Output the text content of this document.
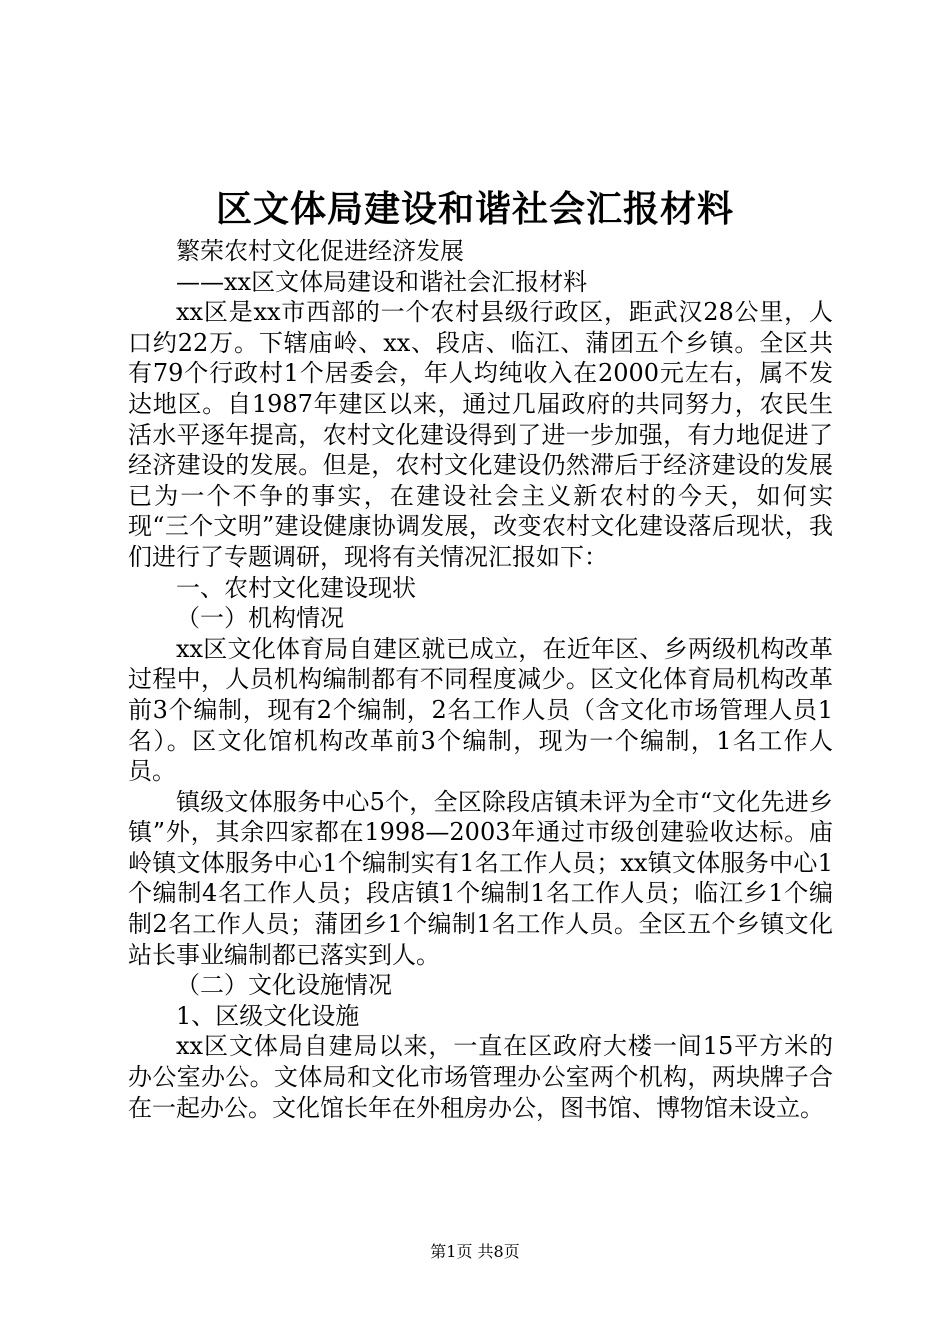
区文体局建设和谐社会汇报材料

繁荣农村文化促进经济发展

——xx区文体局建设和谐社会汇报材料

xx区是xx市西部的一个农村县级行政区，距武汉28公里，人口约22万。下辖庙岭、xx、段店、临江、蒲团五个乡镇。全区共有79个行政村1个居委会，年人均纯收入在2000元左右，属不发达地区。自1987年建区以来，通过几届政府的共同努力，农民生活水平逐年提高，农村文化建设得到了进一步加强，有力地促进了经济建设的发展。但是，农村文化建设仍然滞后于经济建设的发展已为一个不争的事实，在建设社会主义新农村的今天，如何实现“三个文明”建设健康协调发展，改变农村文化建设落后现状，我们进行了专题调研，现将有关情况汇报如下：

一、农村文化建设现状

（一）机构情况

xx区文化体育局自建区就已成立，在近年区、乡两级机构改革过程中，人员机构编制都有不同程度减少。区文化体育局机构改革前3个编制，现有2个编制，2名工作人员（含文化市场管理人员1名）。区文化馆机构改革前3个编制，现为一个编制，1名工作人员。

镇级文体服务中心5个，全区除段店镇未评为全市“文化先进乡镇”外，其余四家都在1998—2003年通过市级创建验收达标。庙岭镇文体服务中心1个编制实有1名工作人员；xx镇文体服务中心1个编制4名工作人员；段店镇1个编制1名工作人员；临江乡1个编制2名工作人员；蒲团乡1个编制1名工作人员。全区五个乡镇文化站长事业编制都已落实到人。

（二）文化设施情况

1、区级文化设施

xx区文体局自建局以来，一直在区政府大楼一间15平方米的办公室办公。文体局和文化市场管理办公室两个机构，两块牌子合在一起办公。文化馆长年在外租房办公，图书馆、博物馆未设立。

第1页 共8页
